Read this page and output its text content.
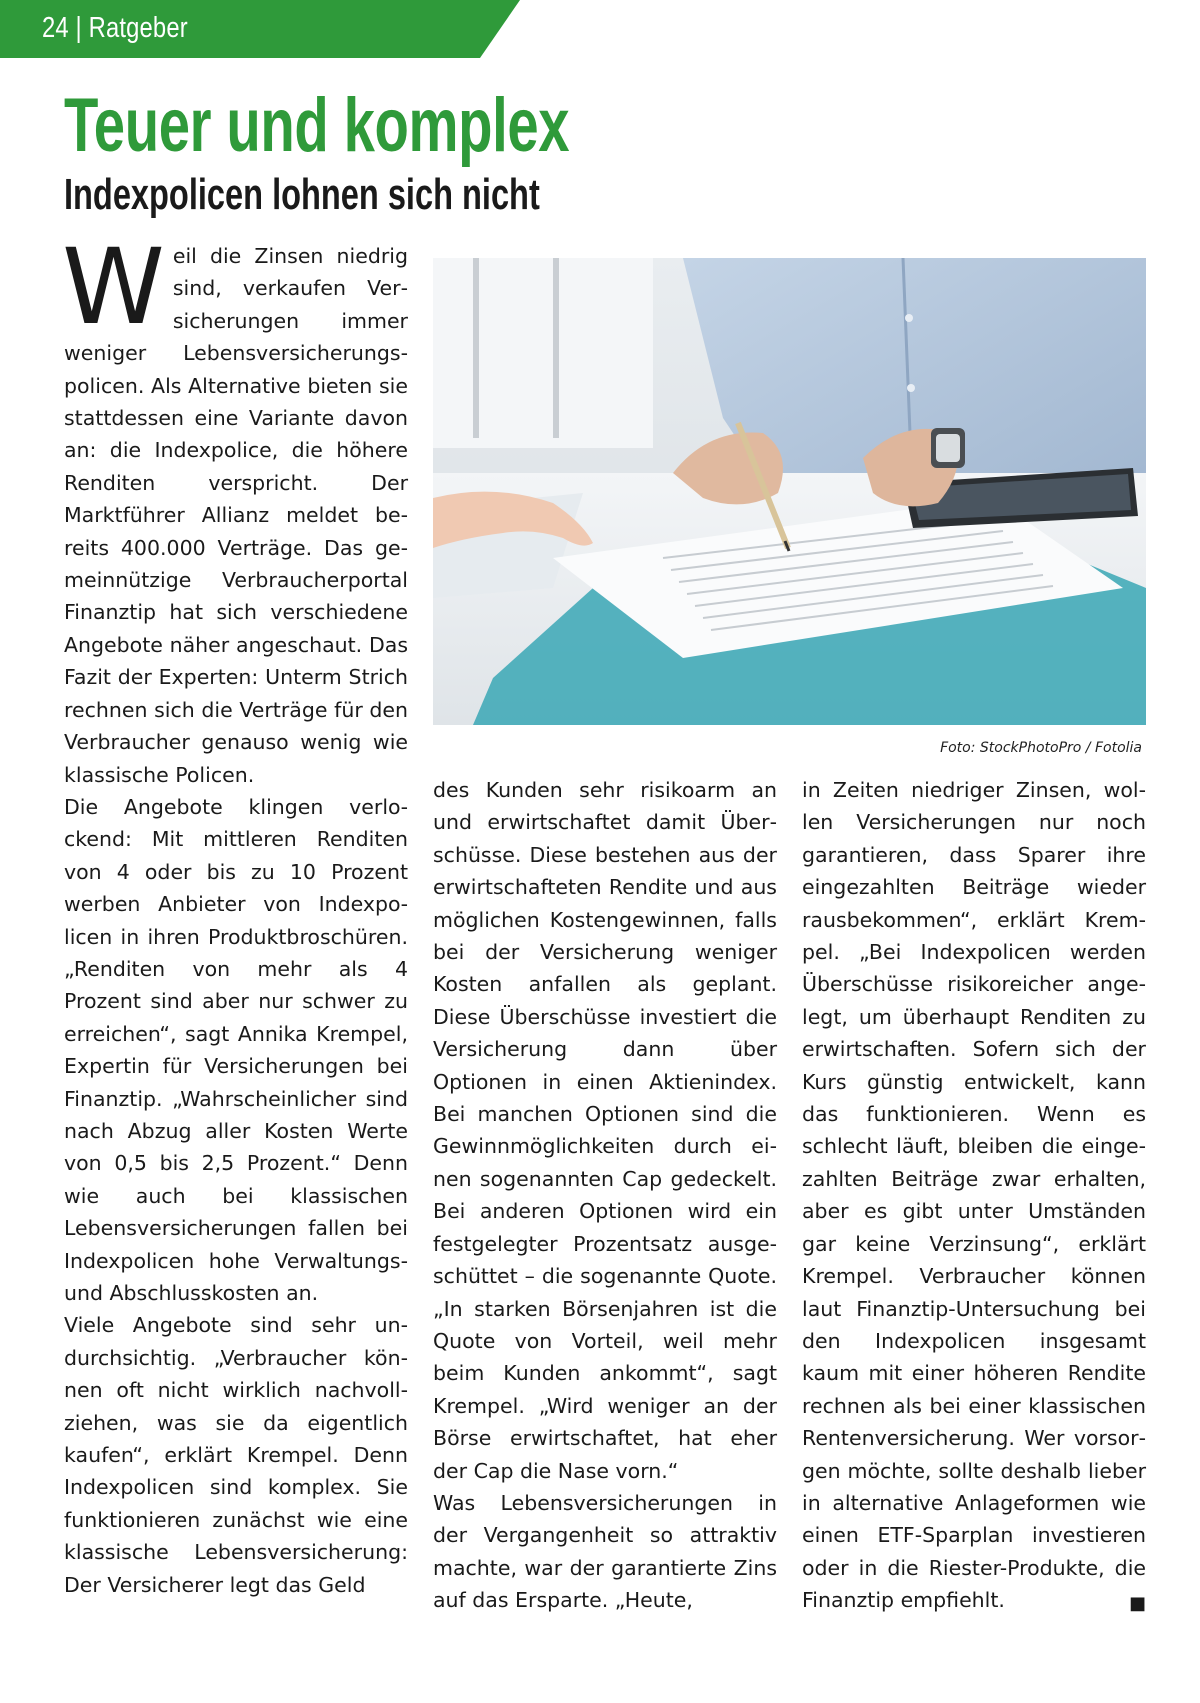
24 | Ratgeber
Teuer und komplex
Indexpolicen lohnen sich nicht

Weil die Zinsen niedrig sind, verkaufen Versicherungen immer weniger Lebensversicherungspolicen. Als Alternative bieten sie stattdessen eine Variante davon an: die Indexpolice, die höhere Renditen verspricht. Der Marktführer Allianz meldet bereits 400.000 Verträge. Das gemeinnützige Verbraucherportal Finanztip hat sich verschiedene Angebote näher angeschaut. Das Fazit der Experten: Unterm Strich rechnen sich die Verträge für den Verbraucher genauso wenig wie klassische Policen.

Die Angebote klingen verlockend: Mit mittleren Renditen von 4 oder bis zu 10 Prozent werben Anbieter von Indexpolicen in ihren Produktbroschüren. „Renditen von mehr als 4 Prozent sind aber nur schwer zu erreichen“, sagt Annika Krempel, Expertin für Versicherungen bei Finanztip. „Wahrscheinlicher sind nach Abzug aller Kosten Werte von 0,5 bis 2,5 Prozent.“ Denn wie auch bei klassischen Lebensversicherungen fallen bei Indexpolicen hohe Verwaltungs- und Abschlusskosten an.

Viele Angebote sind sehr undurchsichtig. „Verbraucher können oft nicht wirklich nachvollziehen, was sie da eigentlich kaufen“, erklärt Krempel. Denn Indexpolicen sind komplex. Sie funktionieren zunächst wie eine klassische Lebensversicherung: Der Versicherer legt das Geld

Foto: StockPhotoPro / Fotolia

des Kunden sehr risikoarm an und erwirtschaftet damit Überschüsse. Diese bestehen aus der erwirtschafteten Rendite und aus möglichen Kostengewinnen, falls bei der Versicherung weniger Kosten anfallen als geplant. Diese Überschüsse investiert die Versicherung dann über Optionen in einen Aktienindex. Bei manchen Optionen sind die Gewinnmöglichkeiten durch einen sogenannten Cap gedeckelt. Bei anderen Optionen wird ein festgelegter Prozentsatz ausgeschüttet – die sogenannte Quote. „In starken Börsenjahren ist die Quote von Vorteil, weil mehr beim Kunden ankommt“, sagt Krempel. „Wird weniger an der Börse erwirtschaftet, hat eher der Cap die Nase vorn.“

Was Lebensversicherungen in der Vergangenheit so attraktiv machte, war der garantierte Zins auf das Ersparte. „Heute,

in Zeiten niedriger Zinsen, wollen Versicherungen nur noch garantieren, dass Sparer ihre eingezahlten Beiträge wieder rausbekommen“, erklärt Krempel. „Bei Indexpolicen werden Überschüsse risikoreicher angelegt, um überhaupt Renditen zu erwirtschaften. Sofern sich der Kurs günstig entwickelt, kann das funktionieren. Wenn es schlecht läuft, bleiben die eingezahlten Beiträge zwar erhalten, aber es gibt unter Umständen gar keine Verzinsung“, erklärt Krempel. Verbraucher können laut Finanztip-Untersuchung bei den Indexpolicen insgesamt kaum mit einer höheren Rendite rechnen als bei einer klassischen Rentenversicherung. Wer vorsorgen möchte, sollte deshalb lieber in alternative Anlageformen wie einen ETF-Sparplan investieren oder in die Riester-Produkte, die Finanztip empfiehlt.	■
